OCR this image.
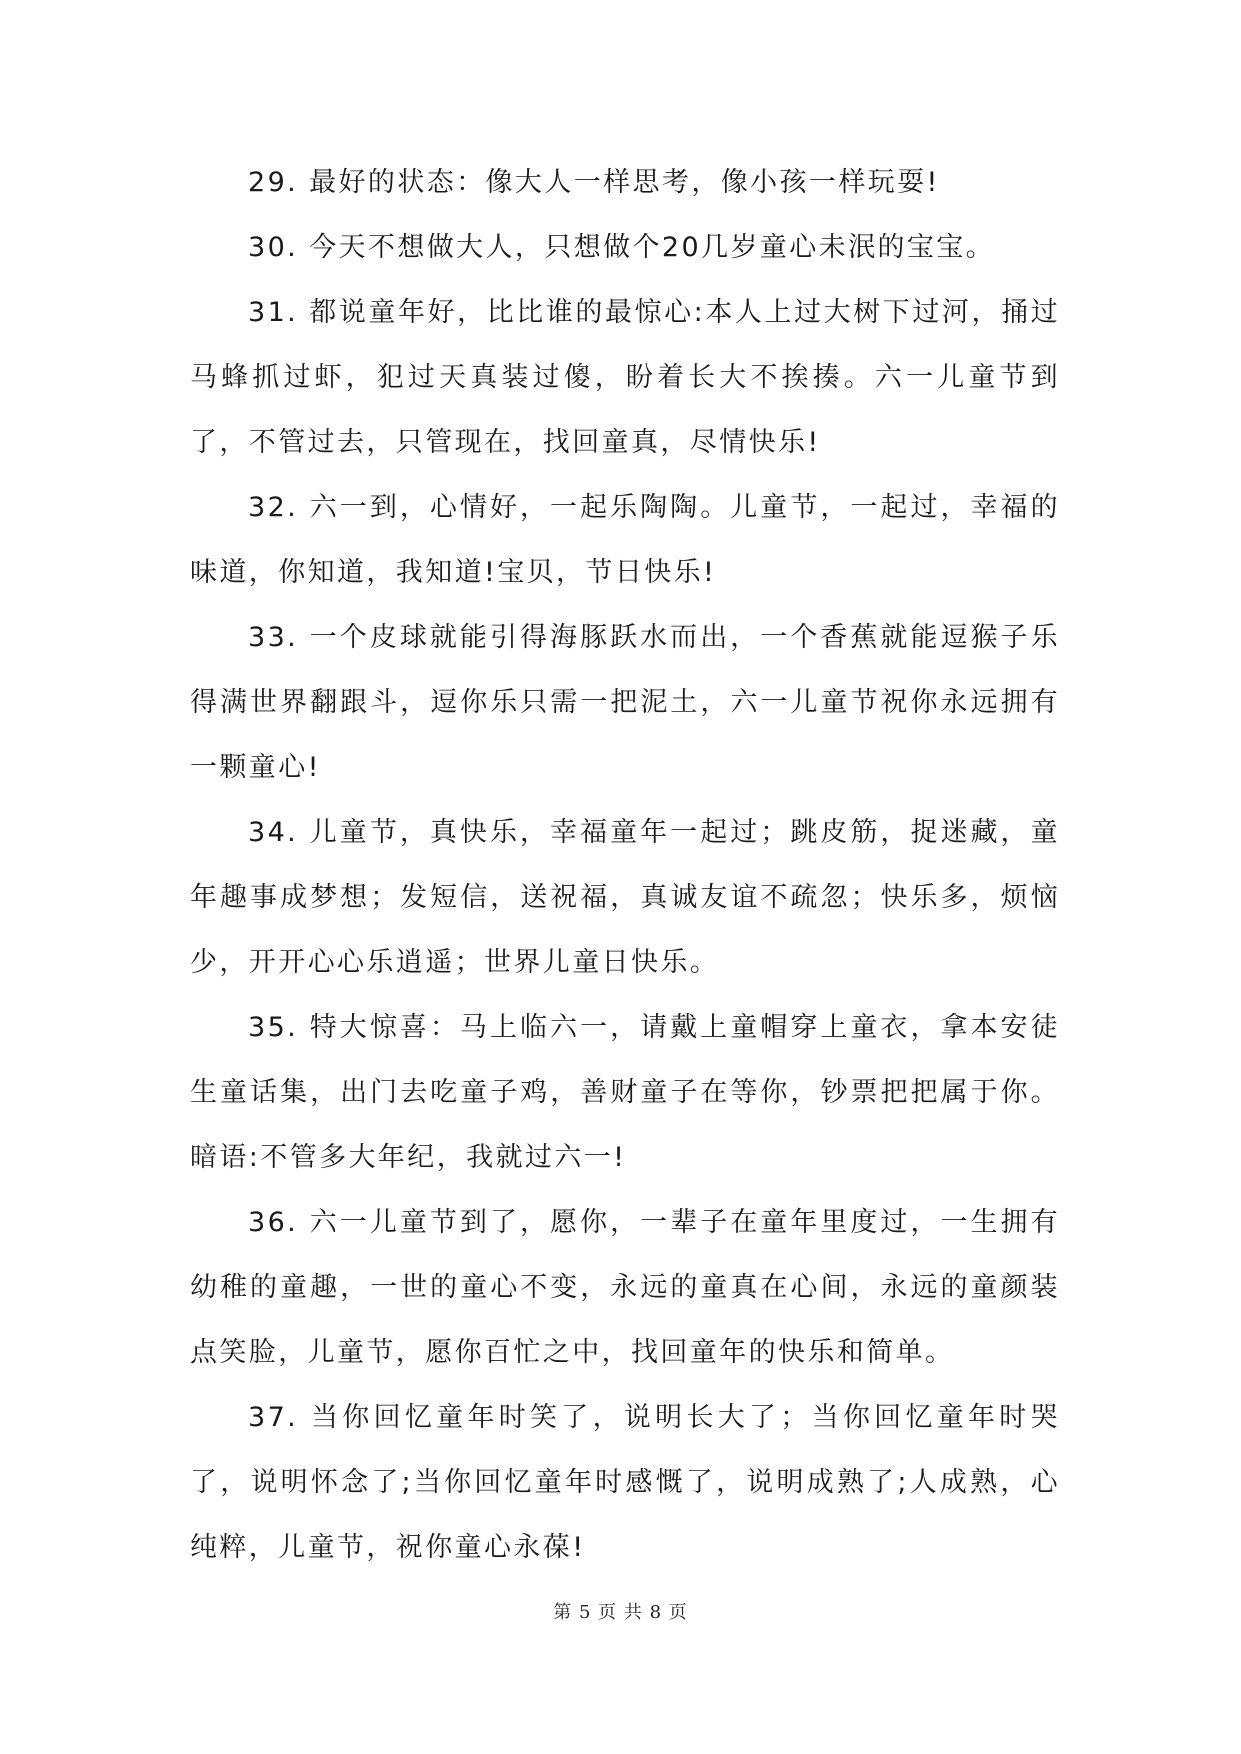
29. 最好的状态：像大人一样思考，像小孩一样玩耍!

30. 今天不想做大人，只想做个20几岁童心未泯的宝宝。

31. 都说童年好，比比谁的最惊心:本人上过大树下过河，捅过马蜂抓过虾，犯过天真装过傻，盼着长大不挨揍。六一儿童节到了，不管过去，只管现在，找回童真，尽情快乐!

32. 六一到，心情好，一起乐陶陶。儿童节，一起过，幸福的味道，你知道，我知道!宝贝，节日快乐!

33. 一个皮球就能引得海豚跃水而出，一个香蕉就能逗猴子乐得满世界翻跟斗，逗你乐只需一把泥土，六一儿童节祝你永远拥有一颗童心!

34. 儿童节，真快乐，幸福童年一起过；跳皮筋，捉迷藏，童年趣事成梦想；发短信，送祝福，真诚友谊不疏忽；快乐多，烦恼少，开开心心乐逍遥；世界儿童日快乐。

35. 特大惊喜：马上临六一，请戴上童帽穿上童衣，拿本安徒生童话集，出门去吃童子鸡，善财童子在等你，钞票把把属于你。暗语:不管多大年纪，我就过六一!

36. 六一儿童节到了，愿你，一辈子在童年里度过，一生拥有幼稚的童趣，一世的童心不变，永远的童真在心间，永远的童颜装点笑脸，儿童节，愿你百忙之中，找回童年的快乐和简单。

37. 当你回忆童年时笑了，说明长大了；当你回忆童年时哭了，说明怀念了;当你回忆童年时感慨了，说明成熟了;人成熟，心纯粹，儿童节，祝你童心永葆!

第 5 页 共 8 页
